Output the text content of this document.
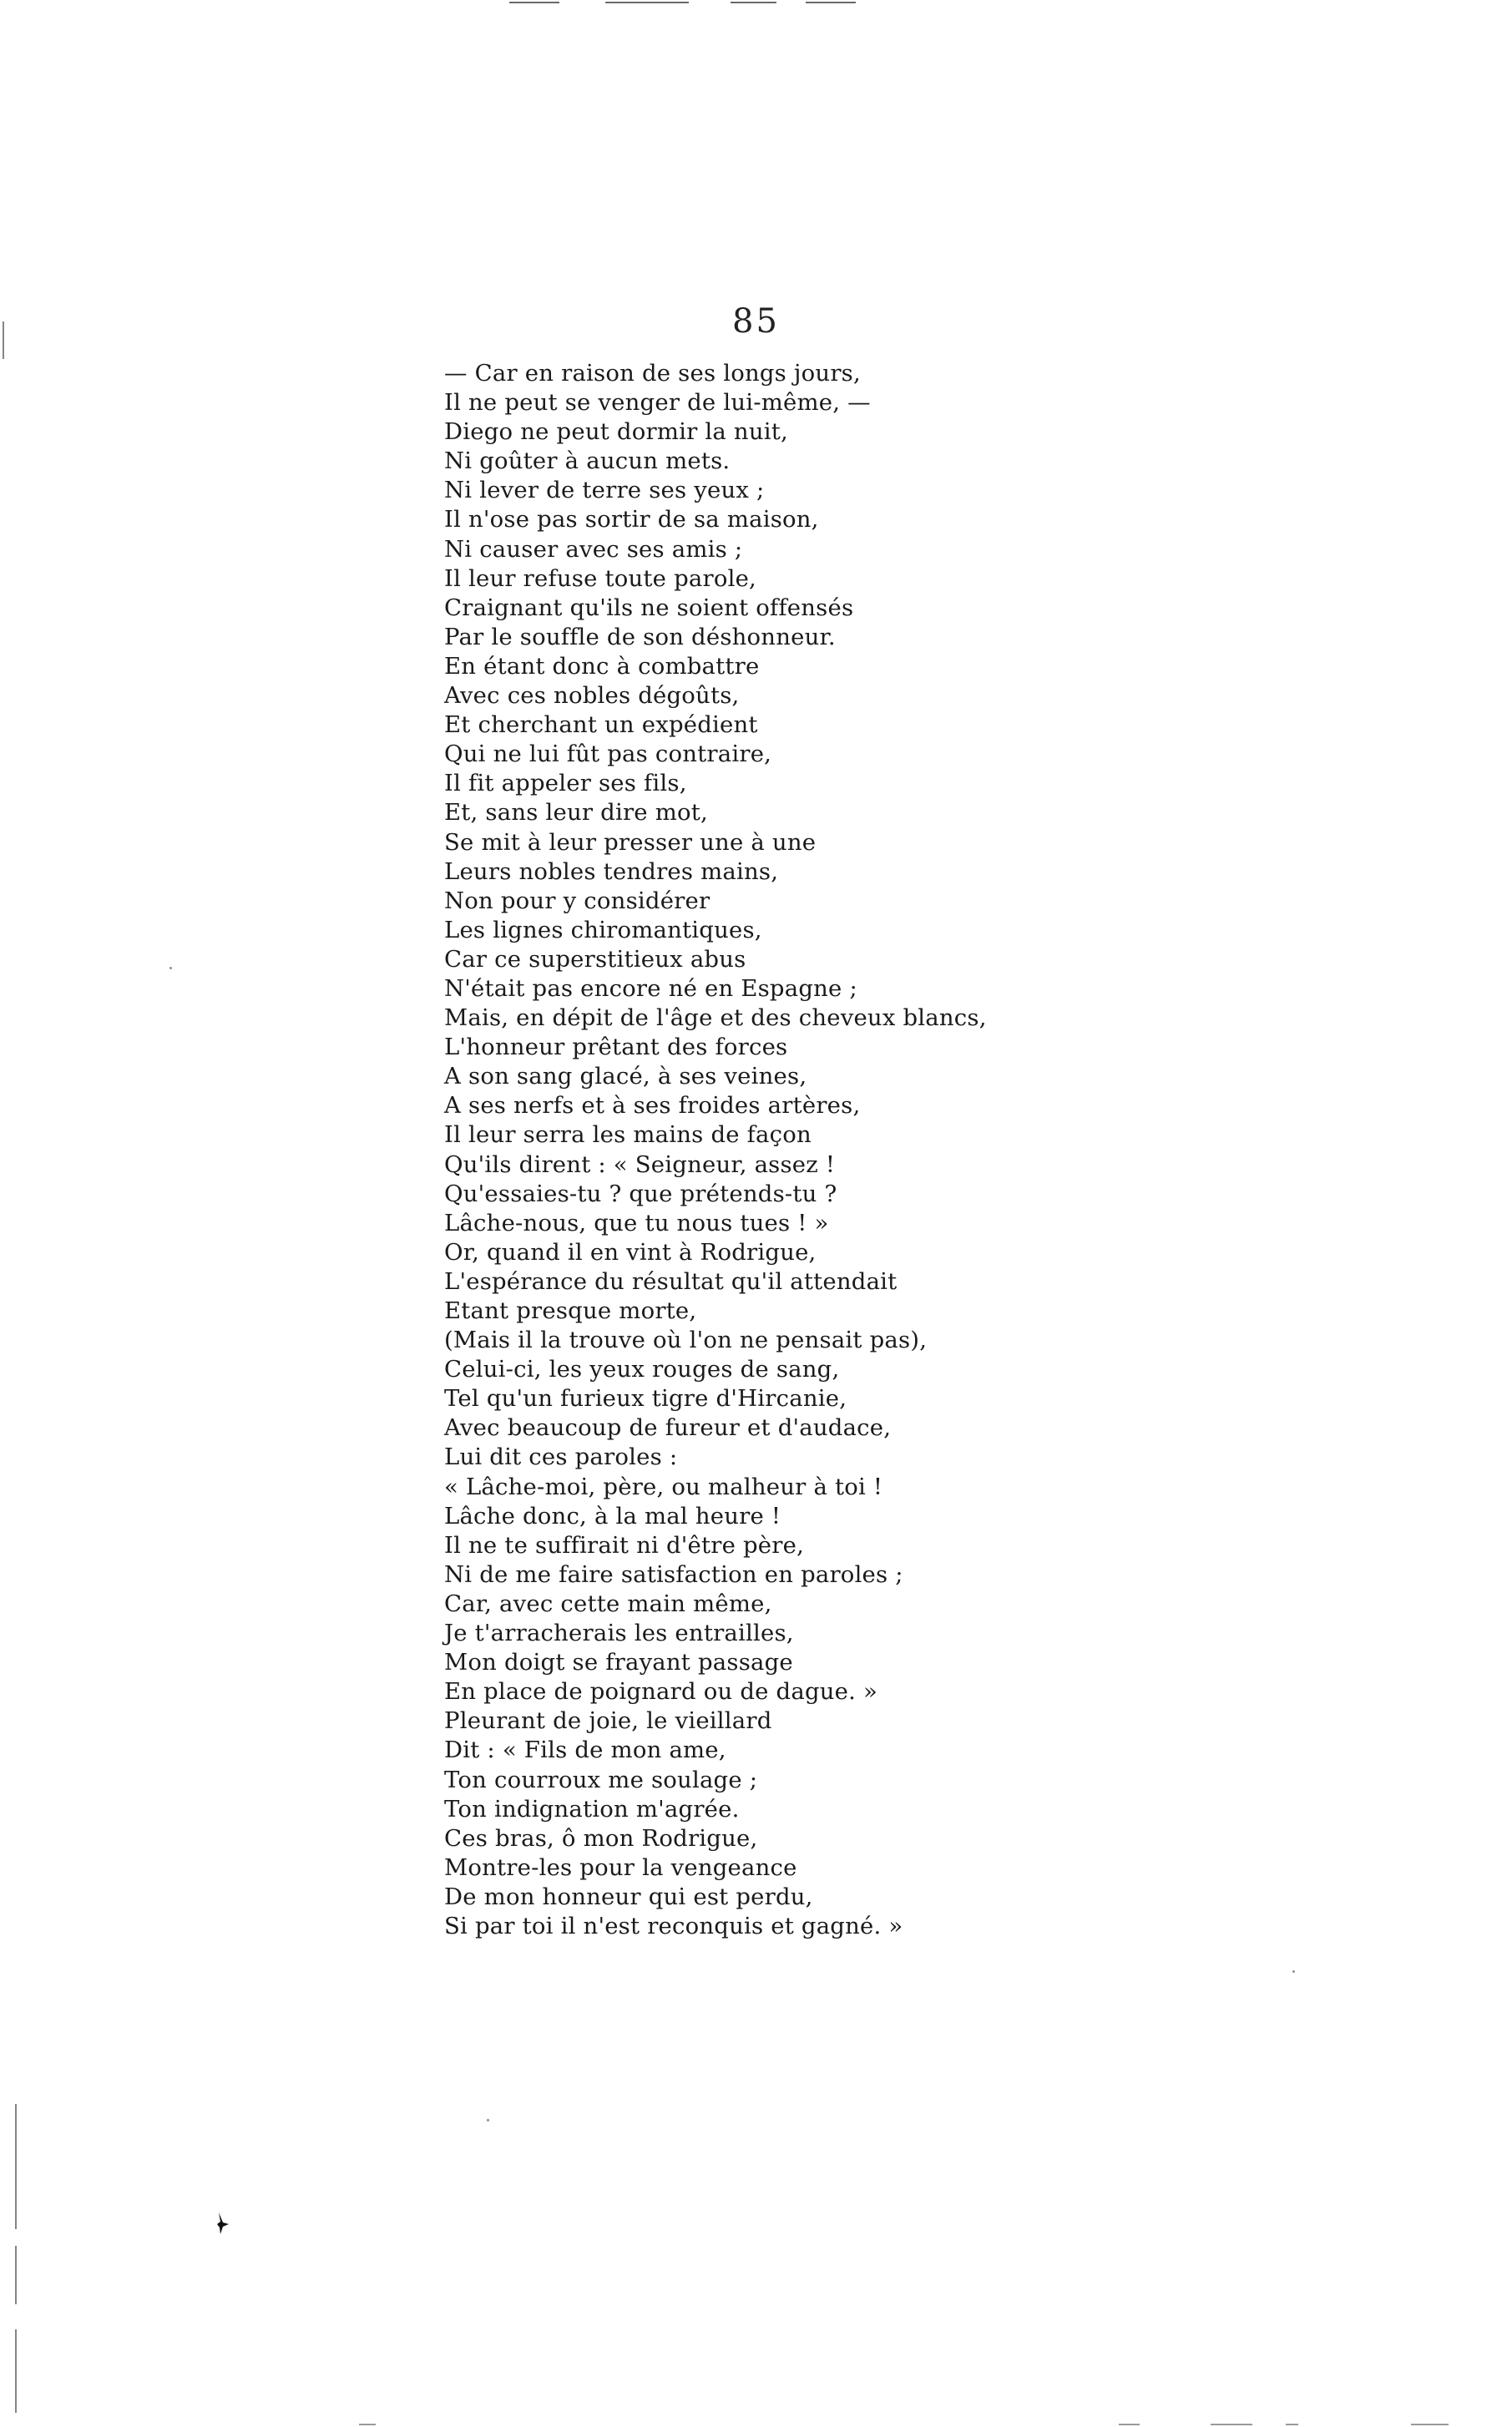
85
— Car en raison de ses longs jours,
Il ne peut se venger de lui-même, —
Diego ne peut dormir la nuit,
Ni goûter à aucun mets.
Ni lever de terre ses yeux ;
Il n'ose pas sortir de sa maison,
Ni causer avec ses amis ;
Il leur refuse toute parole,
Craignant qu'ils ne soient offensés
Par le souffle de son déshonneur.
En étant donc à combattre
Avec ces nobles dégoûts,
Et cherchant un expédient
Qui ne lui fût pas contraire,
Il fit appeler ses fils,
Et, sans leur dire mot,
Se mit à leur presser une à une
Leurs nobles tendres mains,
Non pour y considérer
Les lignes chiromantiques,
Car ce superstitieux abus
N'était pas encore né en Espagne ;
Mais, en dépit de l'âge et des cheveux blancs,
L'honneur prêtant des forces
A son sang glacé, à ses veines,
A ses nerfs et à ses froides artères,
Il leur serra les mains de façon
Qu'ils dirent : « Seigneur, assez !
Qu'essaies-tu ? que prétends-tu ?
Lâche-nous, que tu nous tues ! »
Or, quand il en vint à Rodrigue,
L'espérance du résultat qu'il attendait
Etant presque morte,
(Mais il la trouve où l'on ne pensait pas),
Celui-ci, les yeux rouges de sang,
Tel qu'un furieux tigre d'Hircanie,
Avec beaucoup de fureur et d'audace,
Lui dit ces paroles :
« Lâche-moi, père, ou malheur à toi !
Lâche donc, à la mal heure !
Il ne te suffirait ni d'être père,
Ni de me faire satisfaction en paroles ;
Car, avec cette main même,
Je t'arracherais les entrailles,
Mon doigt se frayant passage
En place de poignard ou de dague. »
Pleurant de joie, le vieillard
Dit : « Fils de mon ame,
Ton courroux me soulage ;
Ton indignation m'agrée.
Ces bras, ô mon Rodrigue,
Montre-les pour la vengeance
De mon honneur qui est perdu,
Si par toi il n'est reconquis et gagné. »
